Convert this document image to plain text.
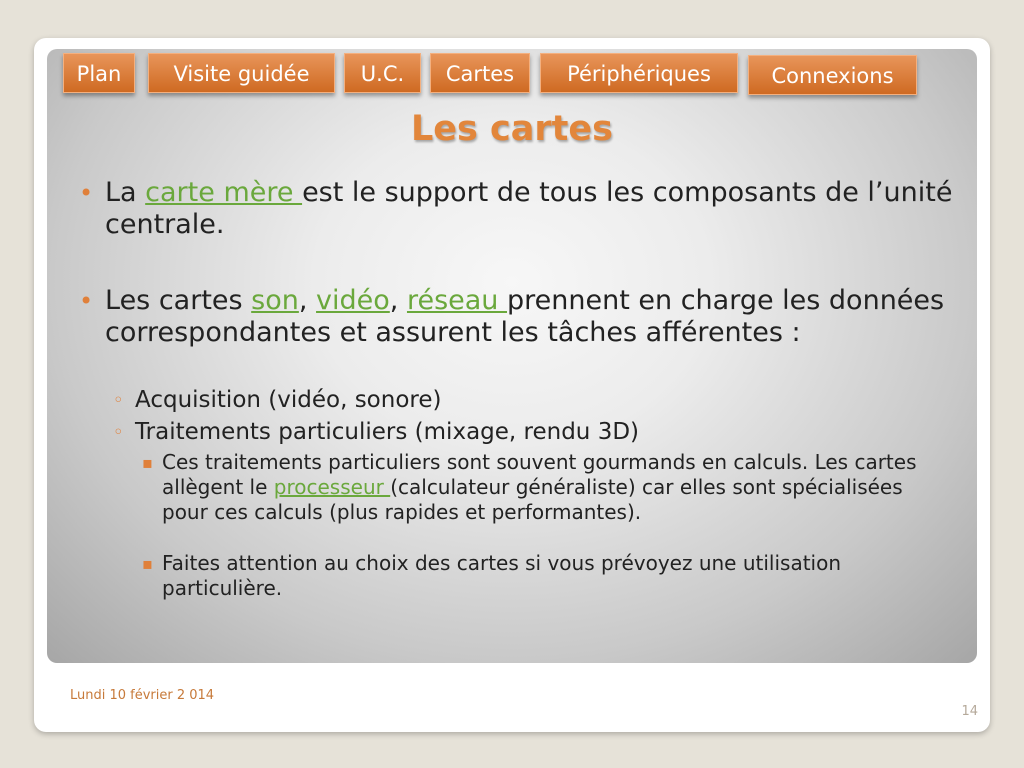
Plan	Visite guidée	U.C.	Cartes	Périphériques	Connexions
Les cartes
• La carte mère est le support de tous les composants de l’unité centrale.
• Les cartes son, vidéo, réseau prennent en charge les données correspondantes et assurent les tâches afférentes :
◦ Acquisition (vidéo, sonore)
◦ Traitements particuliers (mixage, rendu 3D)
▪ Ces traitements particuliers sont souvent gourmands en calculs. Les cartes allègent le processeur (calculateur généraliste) car elles sont spécialisées pour ces calculs (plus rapides et performantes).
▪ Faites attention au choix des cartes si vous prévoyez une utilisation particulière.
Lundi 10 février 2 014
14
